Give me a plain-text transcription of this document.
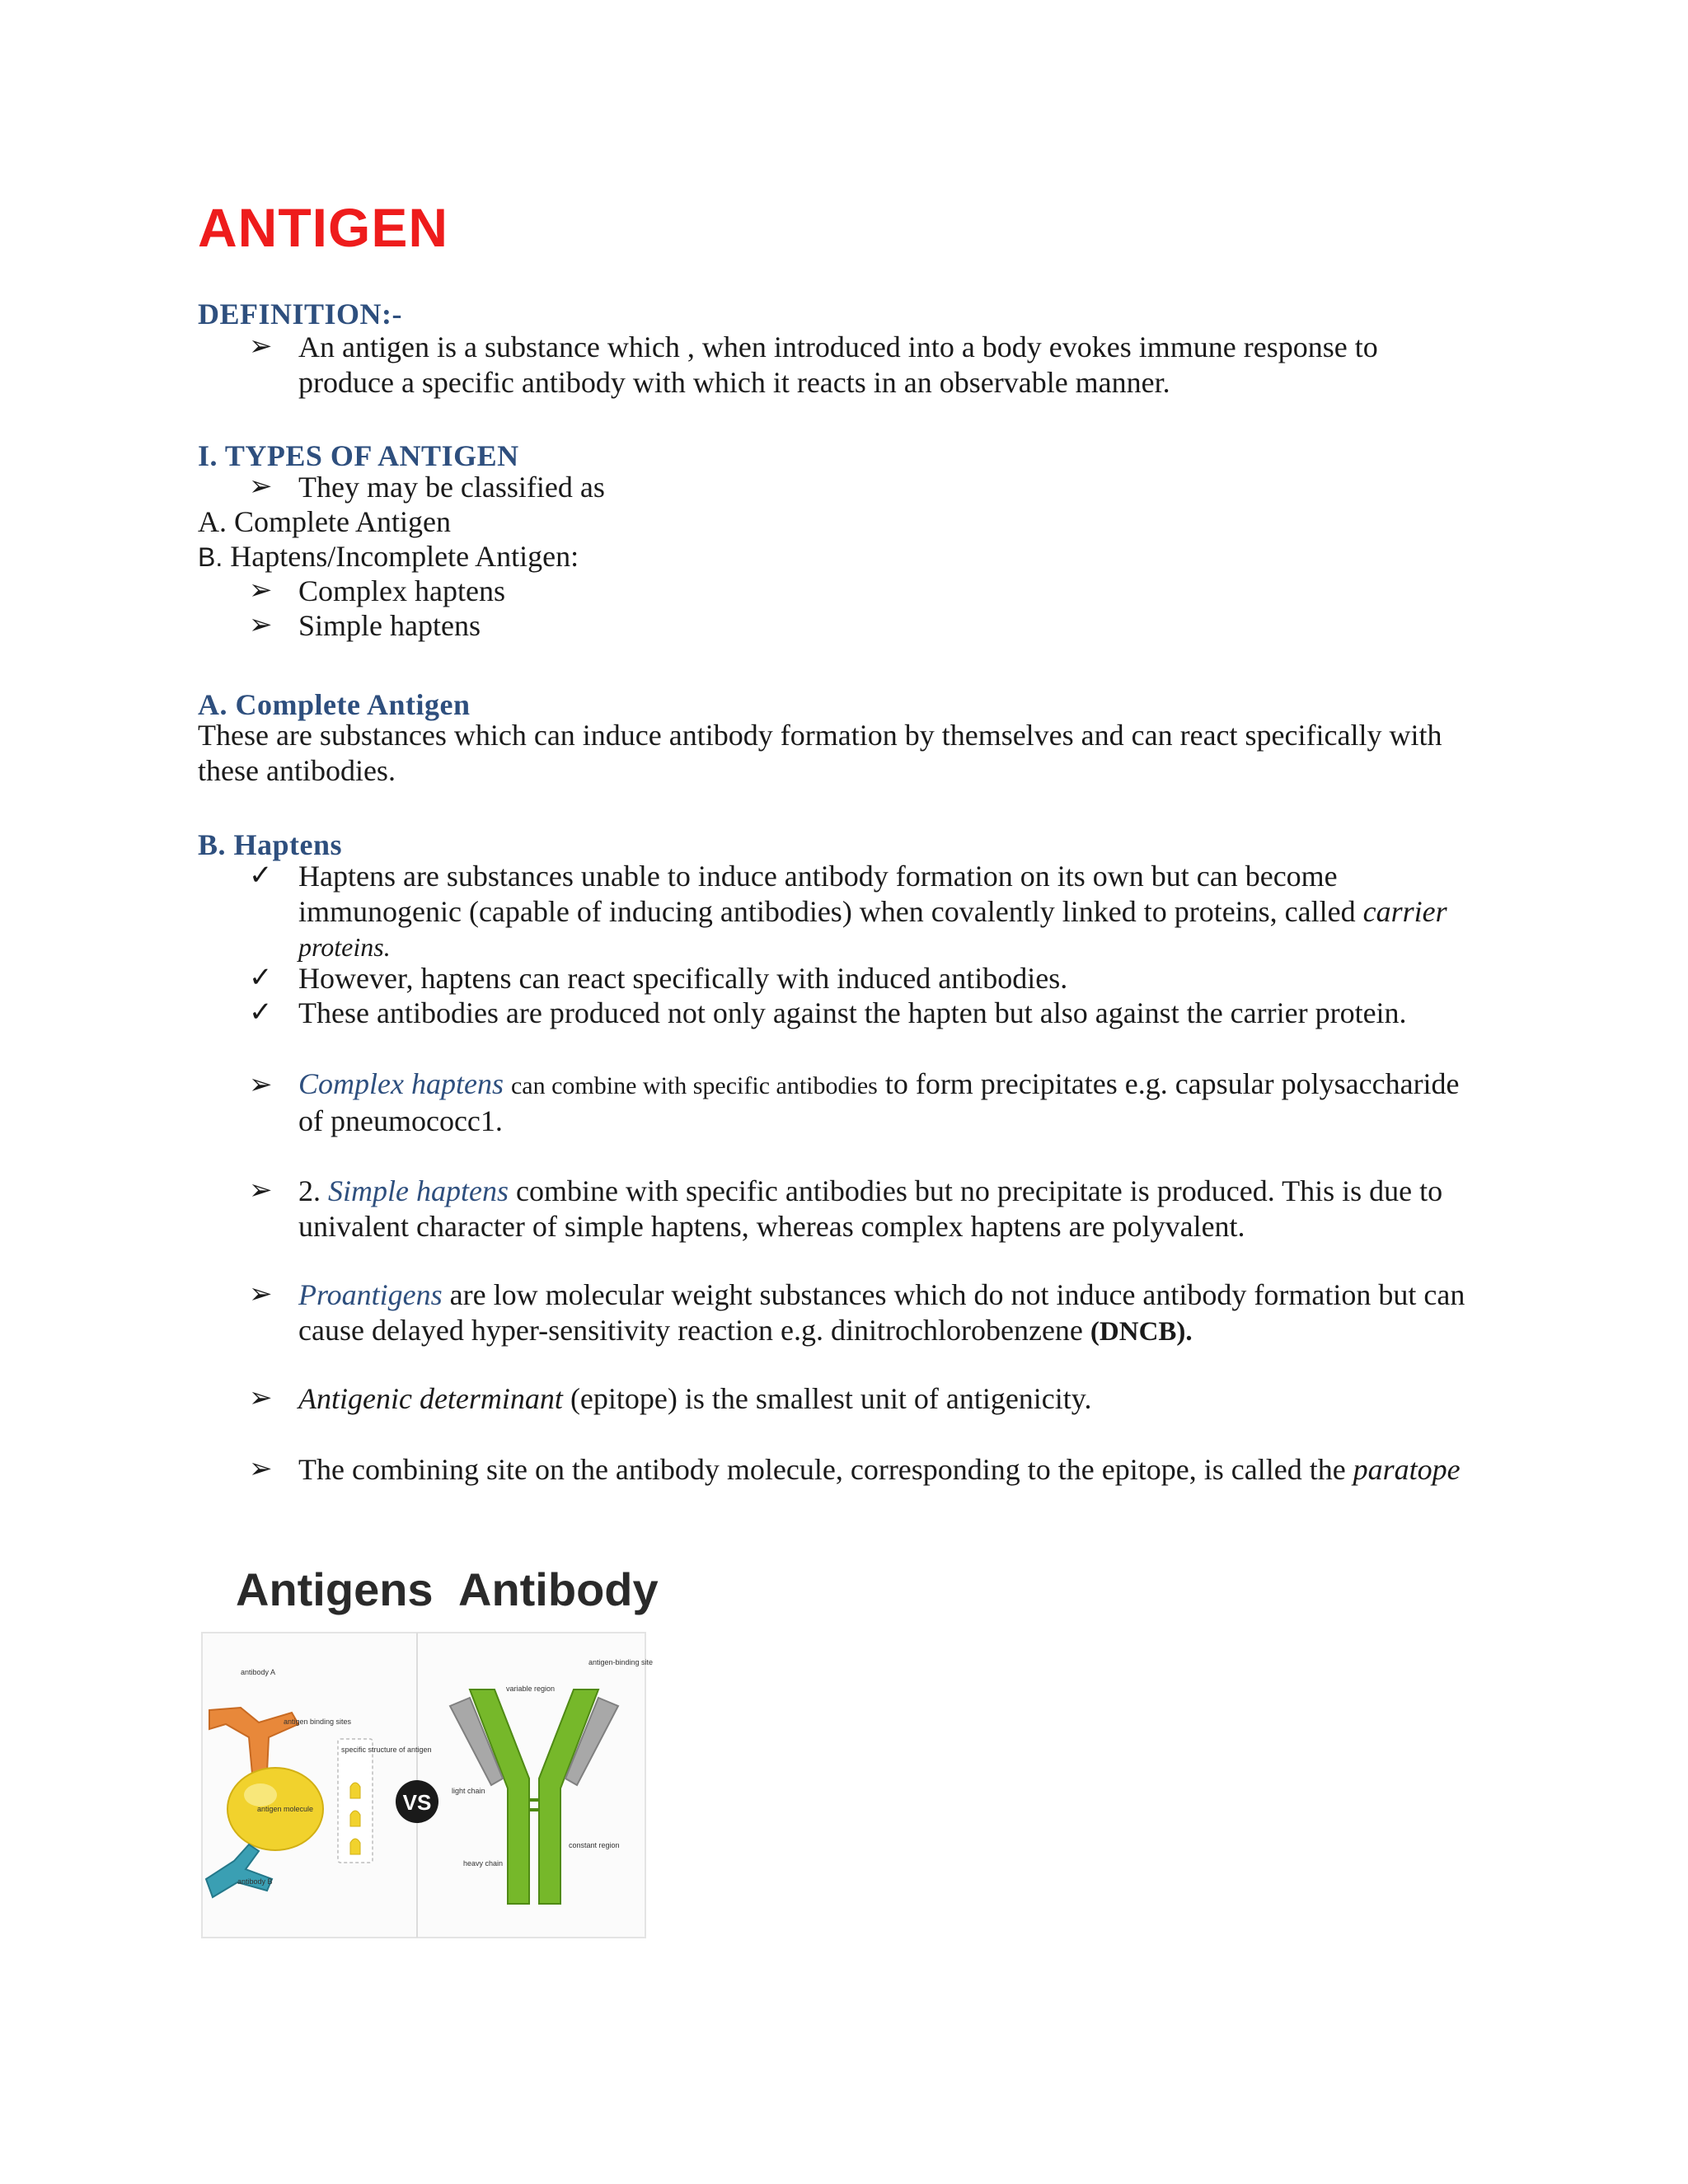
ANTIGEN
DEFINITION:-
➢ An antigen is a substance which , when introduced into a body evokes immune response to
produce a specific antibody with which it reacts in an observable manner.
I. TYPES OF ANTIGEN
➢ They may be classified as
A. Complete Antigen
B. Haptens/Incomplete Antigen:
➢ Complex haptens
➢ Simple haptens
A. Complete Antigen
These are substances which can induce antibody formation by themselves and can react specifically with
these antibodies.
B. Haptens
✓ Haptens are substances unable to induce antibody formation on its own but can become
immunogenic (capable of inducing antibodies) when covalently linked to proteins, called carrier
proteins.
✓ However, haptens can react specifically with induced antibodies.
✓ These antibodies are produced not only against the hapten but also against the carrier protein.
➢ Complex haptens can combine with specific antibodies to form precipitates e.g. capsular polysaccharide
of pneumococc1.
➢ 2. Simple haptens combine with specific antibodies but no precipitate is produced. This is due to
univalent character of simple haptens, whereas complex haptens are polyvalent.
➢ Proantigens are low molecular weight substances which do not induce antibody formation but can
cause delayed hyper-sensitivity reaction e.g. dinitrochlorobenzene (DNCB).
➢ Antigenic determinant (epitope) is the smallest unit of antigenicity.
➢ The combining site on the antibody molecule, corresponding to the epitope, is called the paratope
Antigens Antibody
antibody A
antigen binding sites
specific structure of antigen
antigen molecule
antibody B
VS
variable region
antigen-binding site
light chain
constant region
heavy chain
